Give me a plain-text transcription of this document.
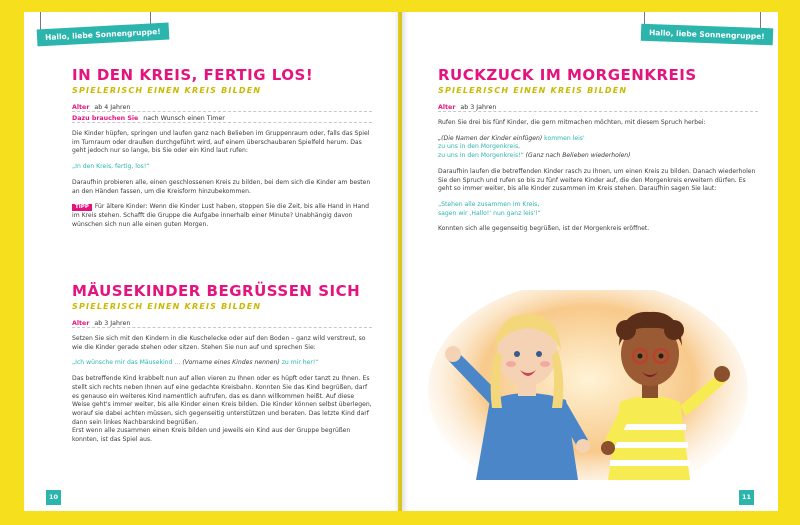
Hallo, liebe Sonnengruppe!	Hallo, liebe Sonnengruppe!
IN DEN KREIS, FERTIG LOS!
SPIELERISCH EINEN KREIS BILDEN
Alter ab 4 Jahren
Dazu brauchen Sie nach Wunsch einen Timer

Die Kinder hüpfen, springen und laufen ganz nach Belieben im Gruppenraum oder, falls das Spiel im Turnraum oder draußen durchgeführt wird, auf einem überschaubaren Spielfeld herum. Das geht jedoch nur so lange, bis Sie oder ein Kind laut rufen:

„In den Kreis, fertig, los!“

Daraufhin probieren alle, einen geschlossenen Kreis zu bilden, bei dem sich die Kinder am besten an den Händen fassen, um die Kreisform hinzubekommen.

TIPP Für ältere Kinder: Wenn die Kinder Lust haben, stoppen Sie die Zeit, bis alle Hand in Hand im Kreis stehen. Schafft die Gruppe die Aufgabe innerhalb einer Minute? Unabhängig davon wünschen sich nun alle einen guten Morgen.

MÄUSEKINDER BEGRÜSSEN SICH
SPIELERISCH EINEN KREIS BILDEN
Alter ab 3 Jahren

Setzen Sie sich mit den Kindern in die Kuschelecke oder auf den Boden – ganz wild verstreut, so wie die Kinder gerade stehen oder sitzen. Stehen Sie nun auf und sprechen Sie:

„Ich wünsche mir das Mäusekind … (Vorname eines Kindes nennen) zu mir her!“

Das betreffende Kind krabbelt nun auf allen vieren zu Ihnen oder es hüpft oder tanzt zu Ihnen. Es stellt sich rechts neben Ihnen auf eine gedachte Kreisbahn. Konnten Sie das Kind begrüßen, darf es genauso ein weiteres Kind namentlich aufrufen, das es dann willkommen heißt. Auf diese Weise geht's immer weiter, bis alle Kinder einen Kreis bilden. Die Kinder können selbst überlegen, worauf sie dabei achten müssen, sich gegenseitig unterstützen und beraten. Das letzte Kind darf dann sein linkes Nachbarskind begrüßen.

Erst wenn alle zusammen einen Kreis bilden und jeweils ein Kind aus der Gruppe begrüßen konnten, ist das Spiel aus.
RUCKZUCK IM MORGENKREIS
SPIELERISCH EINEN KREIS BILDEN
Alter ab 3 Jahren

Rufen Sie drei bis fünf Kinder, die gern mitmachen möchten, mit diesem Spruch herbei:

„(Die Namen der Kinder einfügen) kommen leis'
zu uns in den Morgenkreis,
zu uns in den Morgenkreis!“ (Ganz nach Belieben wiederholen)

Daraufhin laufen die betreffenden Kinder rasch zu Ihnen, um einen Kreis zu bilden. Danach wiederholen Sie den Spruch und rufen so bis zu fünf weitere Kinder auf, die den Morgenkreis erweitern dürfen. Es geht so immer weiter, bis alle Kinder zusammen im Kreis stehen. Daraufhin sagen Sie laut:

„Stehen alle zusammen im Kreis,
sagen wir ‚Hallo!‘ nun ganz leis'!“

Konnten sich alle gegenseitig begrüßen, ist der Morgenkreis eröffnet.

10	11
